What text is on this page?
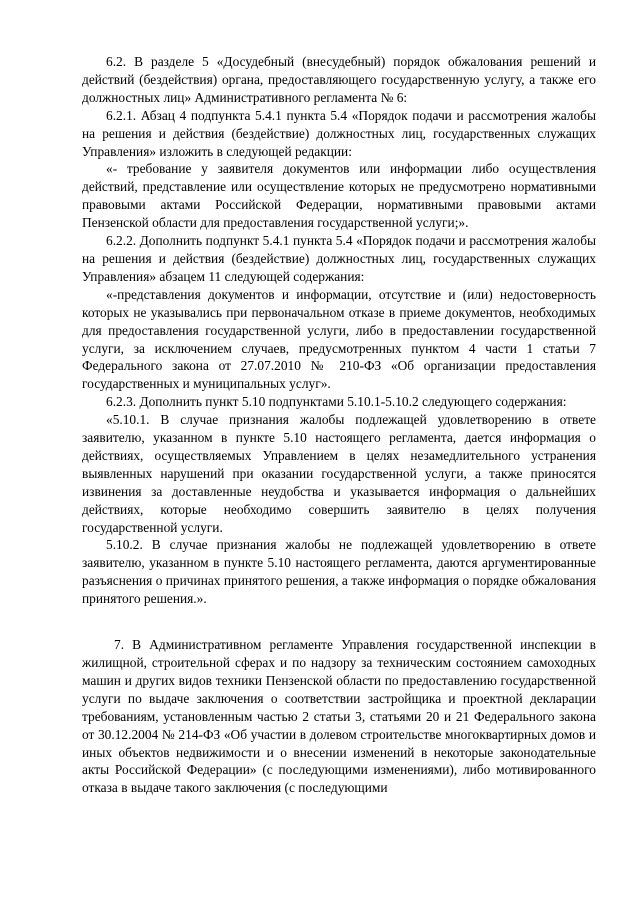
6.2. В разделе 5 «Досудебный (внесудебный) порядок обжалования решений и действий (бездействия) органа, предоставляющего государственную услугу, а также его должностных лиц» Административного регламента № 6:

6.2.1. Абзац 4 подпункта 5.4.1 пункта 5.4 «Порядок подачи и рассмотрения жалобы на решения и действия (бездействие) должностных лиц, государственных служащих Управления» изложить в следующей редакции:

«- требование у заявителя документов или информации либо осуществления действий, представление или осуществление которых не предусмотрено нормативными правовыми актами Российской Федерации, нормативными правовыми актами Пензенской области для предоставления государственной услуги;».

6.2.2. Дополнить подпункт 5.4.1 пункта 5.4 «Порядок подачи и рассмотрения жалобы на решения и действия (бездействие) должностных лиц, государственных служащих Управления» абзацем 11 следующей содержания:

«-представления документов и информации, отсутствие и (или) недостоверность которых не указывались при первоначальном отказе в приеме документов, необходимых для предоставления государственной услуги, либо в предоставлении государственной услуги, за исключением случаев, предусмотренных пунктом 4 части 1 статьи 7 Федерального закона от 27.07.2010 № 210-ФЗ «Об организации предоставления государственных и муниципальных услуг».

6.2.3. Дополнить пункт 5.10 подпунктами 5.10.1-5.10.2 следующего содержания:

«5.10.1. В случае признания жалобы подлежащей удовлетворению в ответе заявителю, указанном в пункте 5.10 настоящего регламента, дается информация о действиях, осуществляемых Управлением в целях незамедлительного устранения выявленных нарушений при оказании государственной услуги, а также приносятся извинения за доставленные неудобства и указывается информация о дальнейших действиях, которые необходимо совершить заявителю в целях получения государственной услуги.

5.10.2. В случае признания жалобы не подлежащей удовлетворению в ответе заявителю, указанном в пункте 5.10 настоящего регламента, даются аргументированные разъяснения о причинах принятого решения, а также информация о порядке обжалования принятого решения.».

7. В Административном регламенте Управления государственной инспекции в жилищной, строительной сферах и по надзору за техническим состоянием самоходных машин и других видов техники Пензенской области по предоставлению государственной услуги по выдаче заключения о соответствии застройщика и проектной декларации требованиям, установленным частью 2 статьи 3, статьями 20 и 21 Федерального закона от 30.12.2004 № 214-ФЗ «Об участии в долевом строительстве многоквартирных домов и иных объектов недвижимости и о внесении изменений в некоторые законодательные акты Российской Федерации» (с последующими изменениями), либо мотивированного отказа в выдаче такого заключения (с последующими
